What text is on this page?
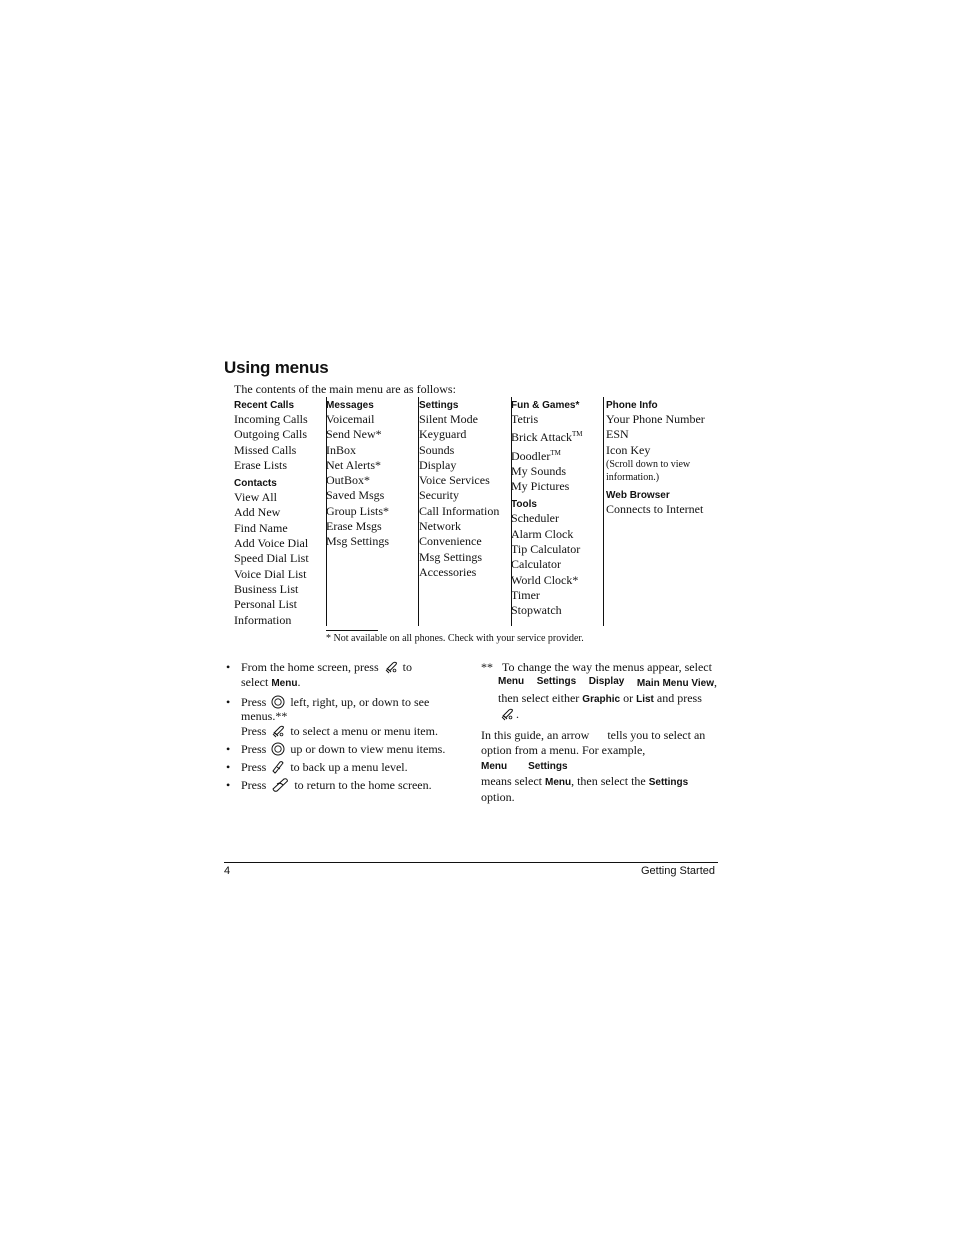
Using menus
The contents of the main menu are as follows:
Recent Calls
Incoming Calls
Outgoing Calls
Missed Calls
Erase Lists
Contacts
View All
Add New
Find Name
Add Voice Dial
Speed Dial List
Voice Dial List
Business List
Personal List
Information
Messages
Voicemail
Send New*
InBox
Net Alerts*
OutBox*
Saved Msgs
Group Lists*
Erase Msgs
Msg Settings
Settings
Silent Mode
Keyguard
Sounds
Display
Voice Services
Security
Call Information
Network
Convenience
Msg Settings
Accessories
Fun & Games*
Tetris
Brick Attack™
Doodler™
My Sounds
My Pictures
Tools
Scheduler
Alarm Clock
Tip Calculator
Calculator
World Clock*
Timer
Stopwatch
Phone Info
Your Phone Number
ESN
Icon Key
(Scroll down to view information.)
Web Browser
Connects to Internet
* Not available on all phones. Check with your service provider.
• From the home screen, press to
select Menu.
• Press left, right, up, or down to see menus.**
Press to select a menu or menu item.
• Press up or down to view menu items.
• Press to back up a menu level.
• Press to return to the home screen.
** To change the way the menus appear, select
Menu Settings Display Main Menu View,
then select either Graphic or List and press
.
In this guide, an arrow tells you to select an
option from a menu. For example, Menu Settings
means select Menu, then select the Settings option.
4	Getting Started
